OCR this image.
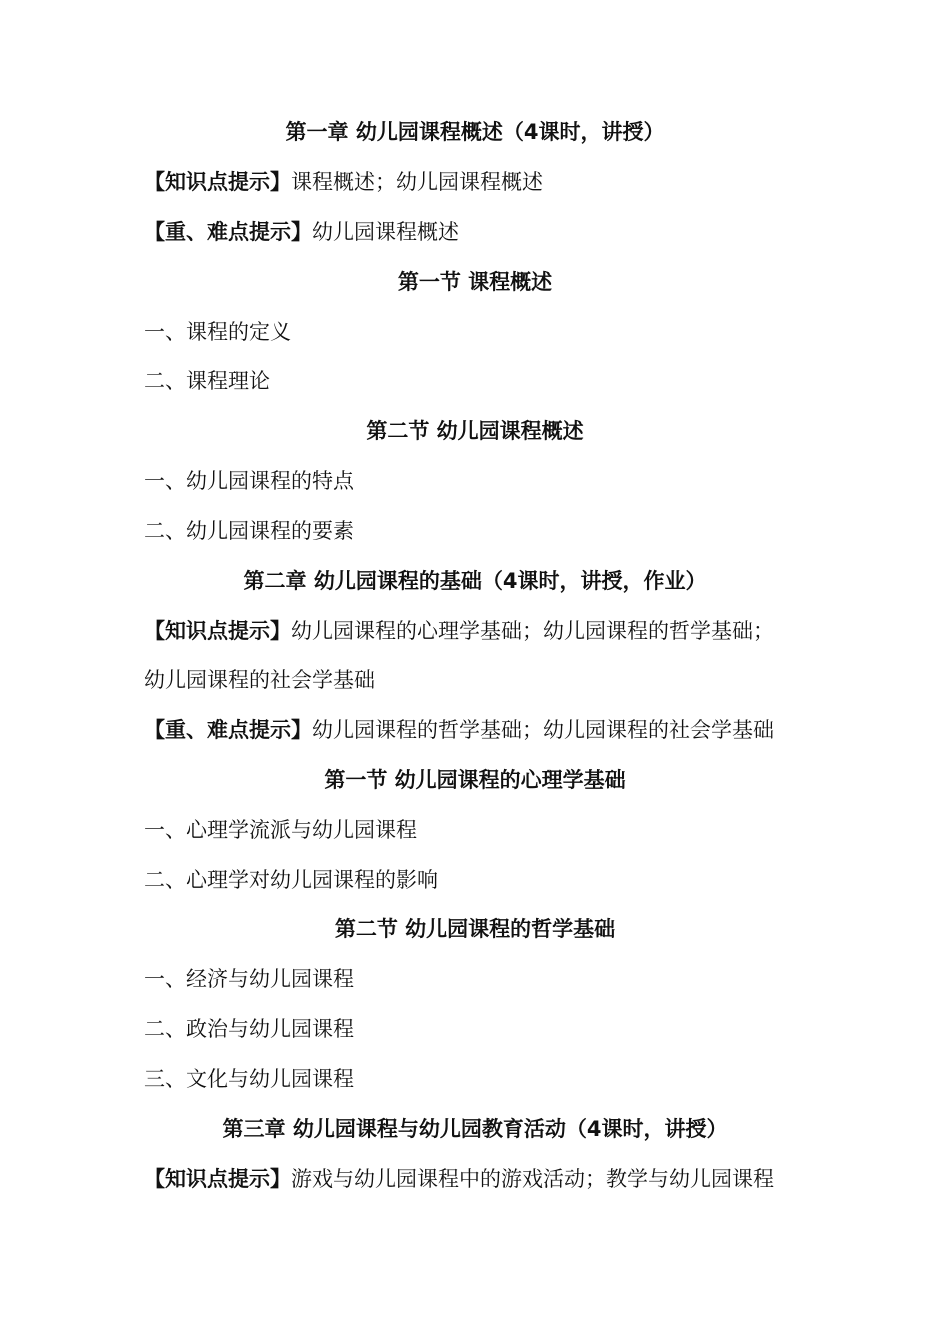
第一章 幼儿园课程概述（4课时，讲授）
【知识点提示】课程概述；幼儿园课程概述
【重、难点提示】幼儿园课程概述
第一节 课程概述
一、课程的定义
二、课程理论
第二节 幼儿园课程概述
一、幼儿园课程的特点
二、幼儿园课程的要素
第二章 幼儿园课程的基础（4课时，讲授，作业）
【知识点提示】幼儿园课程的心理学基础；幼儿园课程的哲学基础；
幼儿园课程的社会学基础
【重、难点提示】幼儿园课程的哲学基础；幼儿园课程的社会学基础
第一节 幼儿园课程的心理学基础
一、心理学流派与幼儿园课程
二、心理学对幼儿园课程的影响
第二节 幼儿园课程的哲学基础
一、经济与幼儿园课程
二、政治与幼儿园课程
三、文化与幼儿园课程
第三章 幼儿园课程与幼儿园教育活动（4课时，讲授）
【知识点提示】游戏与幼儿园课程中的游戏活动；教学与幼儿园课程
